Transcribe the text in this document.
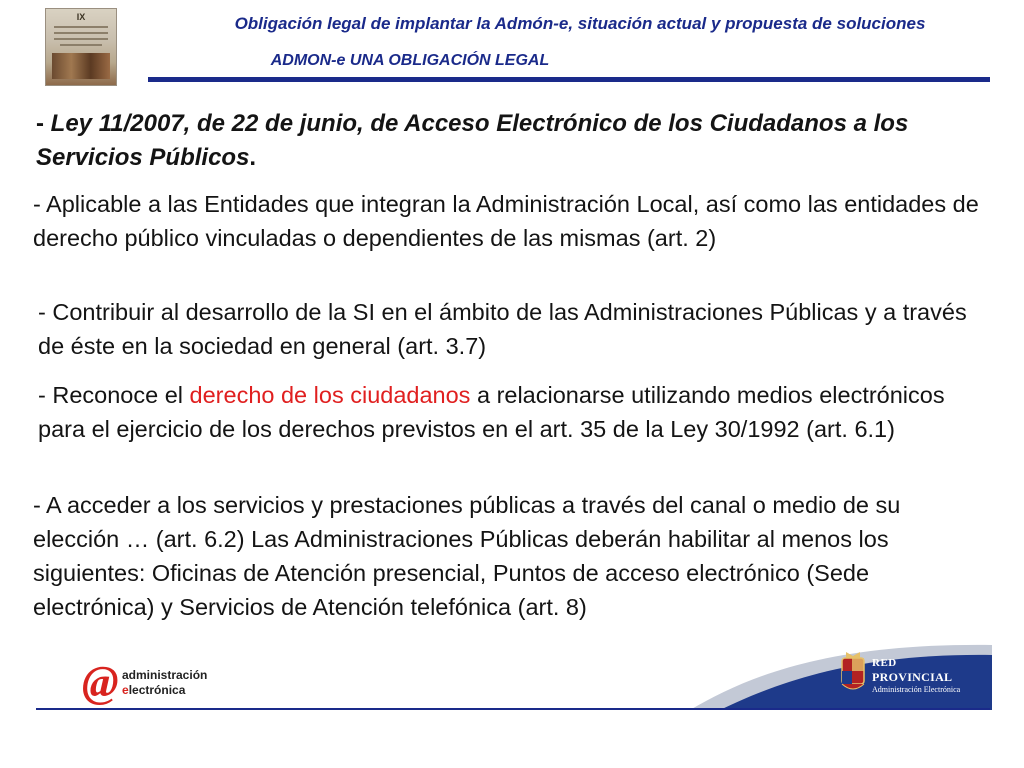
IX	Obligación legal de implantar la Admón-e, situación actual y propuesta de soluciones
ADMON-e UNA OBLIGACIÓN LEGAL

- Ley 11/2007, de 22 de junio, de Acceso Electrónico de los Ciudadanos a los Servicios Públicos.

- Aplicable a las Entidades que integran la Administración Local, así como las entidades de derecho público vinculadas o dependientes de las mismas (art. 2)

- Contribuir al desarrollo de la SI en el ámbito de las Administraciones Públicas y a través de éste en la sociedad en general (art. 3.7)

- Reconoce el derecho de los ciudadanos a relacionarse utilizando medios electrónicos para el ejercicio de los derechos previstos en el art. 35 de la Ley 30/1992 (art. 6.1)

- A acceder a los servicios y prestaciones públicas a través del canal o medio de su elección … (art. 6.2) Las Administraciones Públicas deberán habilitar al menos los siguientes: Oficinas de Atención presencial, Puntos de acceso electrónico (Sede electrónica) y Servicios de Atención telefónica (art. 8)

@ administración
electrónica
RED
PROVINCIAL
Administración Electrónica
